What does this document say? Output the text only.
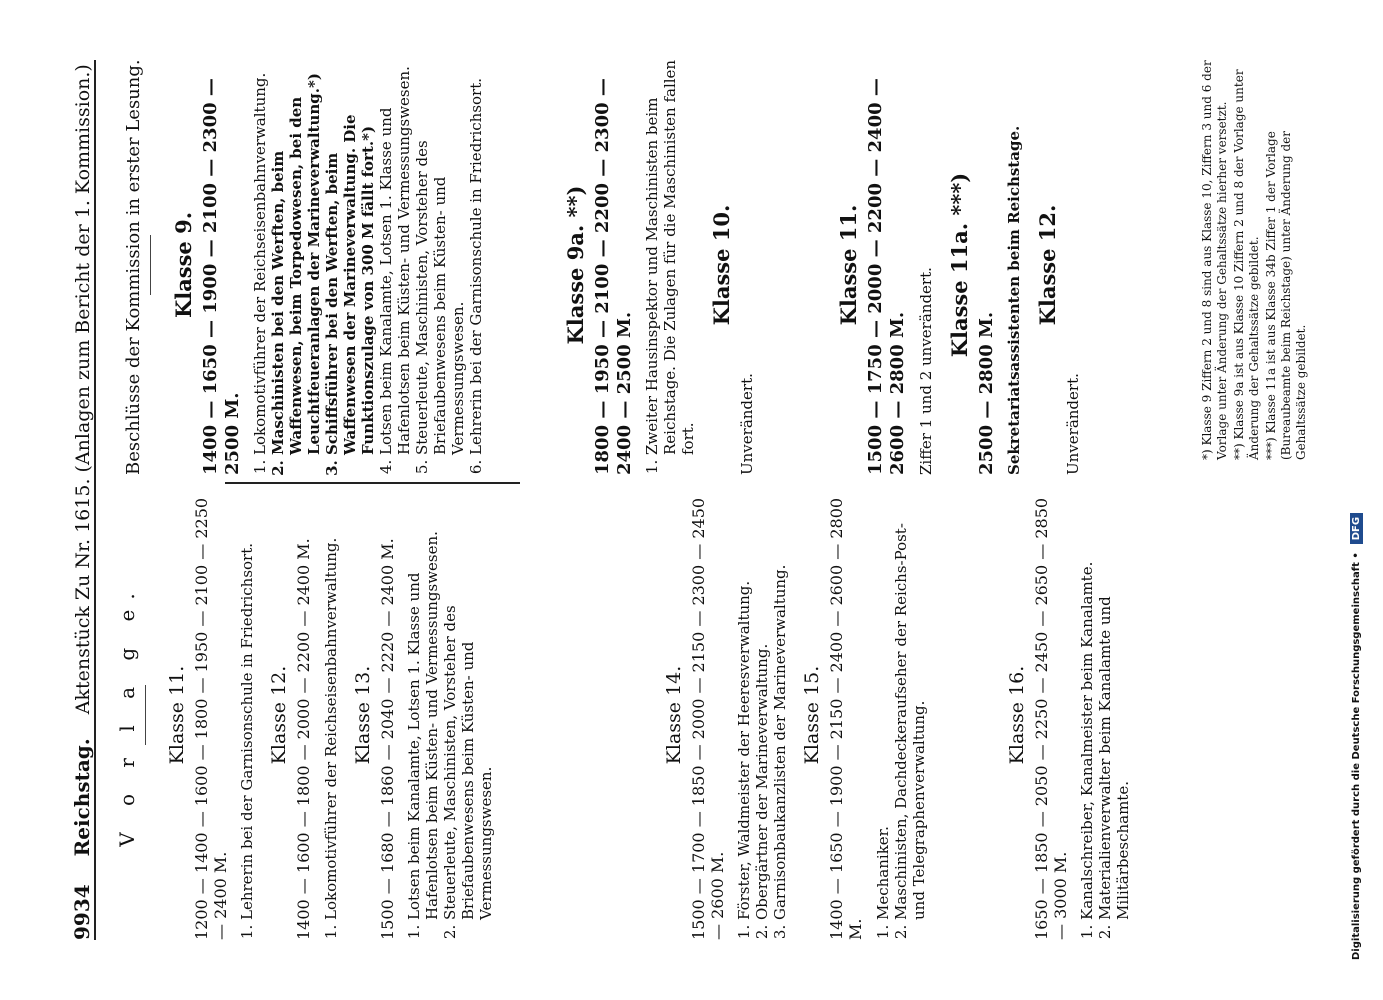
9934
Reichstag.
Aktenstück Zu Nr. 1615. (Anlagen zum Bericht der 1. Kommission.)
V o r l a g e. Klasse 11. 1200 — 1400 — 1600 — 1800 — 1950 — 2100 — 2250 — 2400 M. 1. Lehrerin bei der Garnisonschule in Friedrichsort. Klasse 12. 1400 — 1600 — 1800 — 2000 — 2200 — 2400 M. 1. Lokomotivführer der Reichseisenbahnverwaltung. Klasse 13. 1500 — 1680 — 1860 — 2040 — 2220 — 2400 M. 1. Lotsen beim Kanalamte, Lotsen 1. Klasse und Hafenlotsen beim Küsten- und Vermessungswesen. 2. Steuerleute, Maschinisten, Vorsteher des Briefaubenwesens beim Küsten- und Vermessungswesen.
Klasse 14. 1500 — 1700 — 1850 — 2000 — 2150 — 2300 — 2450 — 2600 M. 1. Förster, Waldmeister der Heeresverwaltung. 2. Obergärtner der Marineverwaltung. 3. Garnisonbaukanzlisten der Marineverwaltung. Klasse 15. 1400 — 1650 — 1900 — 2150 — 2400 — 2600 — 2800 M.
1. Mechaniker. 2. Maschinisten, Dachdeckeraufseher der Reichs-Post- und Telegraphenverwaltung.	Klasse 16. 1650 — 1850 — 2050 — 2250 — 2450 — 2650 — 2850 — 3000 M. 1. Kanalschreiber, Kanalmeister beim Kanalamte. 2. Materialienverwalter beim Kanalamte und Militärbeschamte.
Beschlüsse der Kommission in erster Lesung. Klasse 9. 1400 — 1650 — 1900 — 2100 — 2300 — 2500 M. 1. Lokomotivführer der Reichseisenbahnverwaltung. 2. Maschinisten bei den Werften, beim Waffenwesen, beim Torpedowesen, bei den Leuchtfeueranlagen der Marineverwaltung.*) 3. Schiffsführer bei den Werften, beim Waffenwesen der Marineverwaltung. Die Funktionszulage von 300 M fällt fort.*) 4. Lotsen beim Kanalamte, Lotsen 1. Klasse und Hafenlotsen beim Küsten- und Vermessungswesen. 5. Steuerleute, Maschinisten, Vorsteher des Briefaubenwesens beim Küsten- und Vermessungswesen. 6. Lehrerin bei der Garnisonschule in Friedrichsort.	Klasse 9a. **) 1800 — 1950 — 2100 — 2200 — 2300 — 2400 — 2500 M. 1. Zweiter Hausinspektor und Maschinisten beim Reichstage. Die Zulagen für die Maschinisten fallen fort.
Klasse 10.
Unverändert.
Klasse 11. 1500 — 1750 — 2000 — 2200 — 2400 — 2600 — 2800 M. Ziffer 1 und 2 unverändert.
Klasse 11a. ***)
2500 — 2800 M. Sekretariatsassistenten beim Reichstage. Klasse 12.
Unverändert.	*) Klasse 9 Ziffern 2 und 8 sind aus Klasse 10, Ziffern 3 und 6 der Vorlage unter Änderung der Gehaltssätze hierher versetzt. **) Klasse 9a ist aus Klasse 10 Ziffern 2 und 8 der Vorlage unter Änderung der Gehaltssätze gebildet. ***) Klasse 11a ist aus Klasse 34b Ziffer 1 der Vorlage (Bureaubeamte beim Reichstage) unter Änderung der Gehaltssätze gebildet.

Digitalisierung gefördert durch die Deutsche Forschungsgemeinschaft •
DFG
